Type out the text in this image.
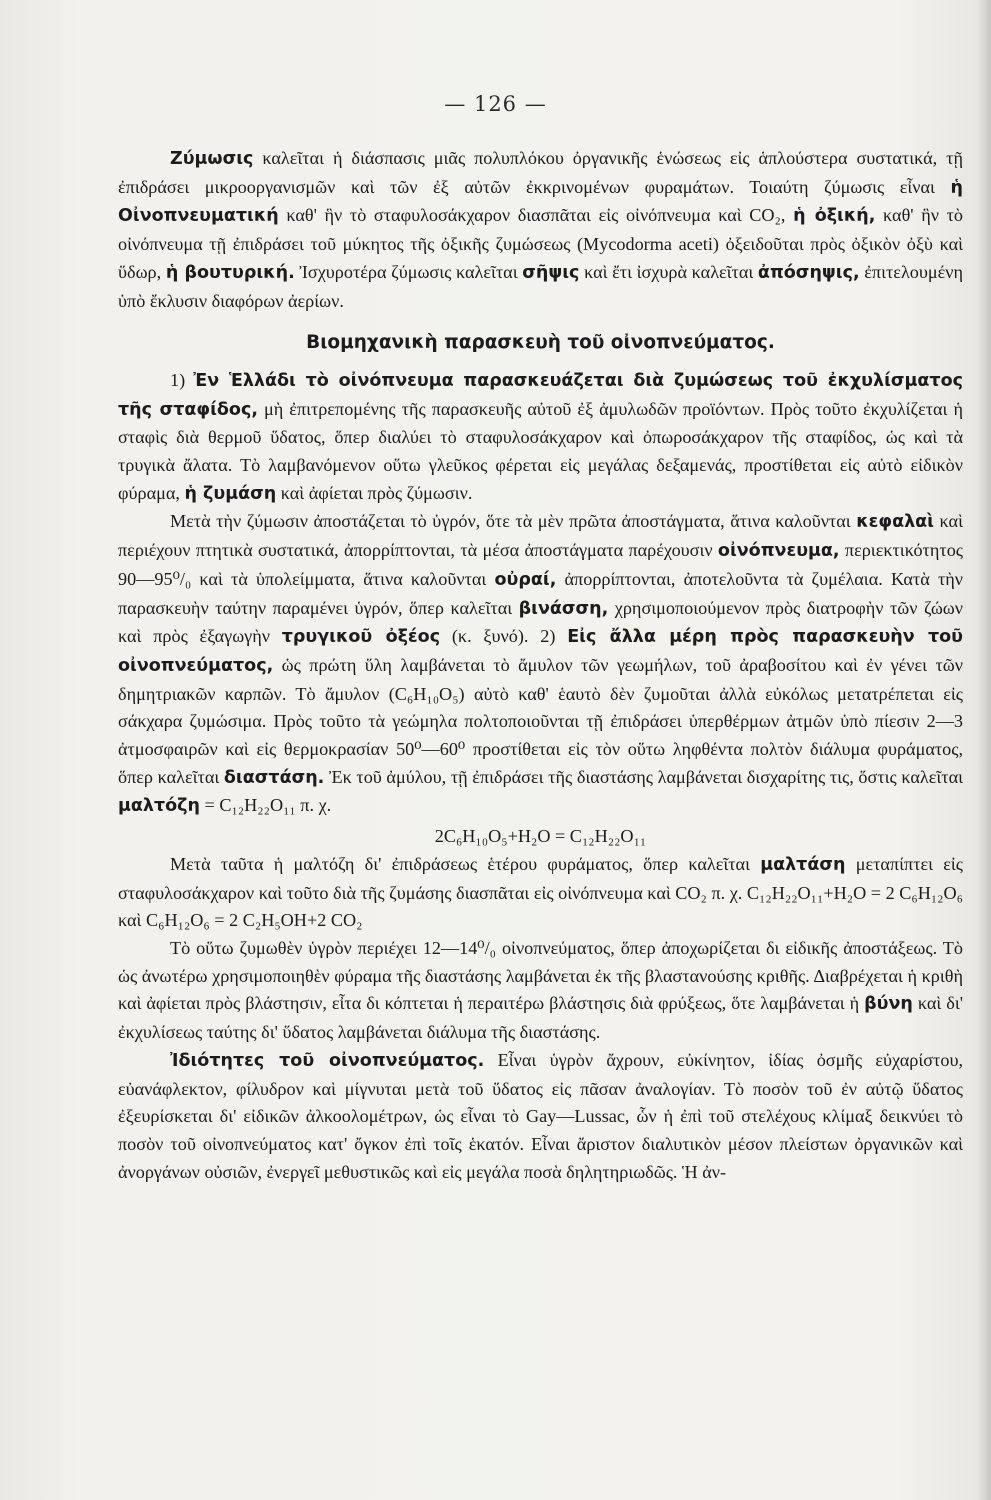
— 126 —

Ζύμωσις καλεῖται ἡ διάσπασις μιᾶς πολυπλόκου ὀργανικῆς ἑνώσεως εἰς ἁπλούστερα συστατικά, τῇ ἐπιδράσει μικροοργανισμῶν καὶ τῶν ἐξ αὐτῶν ἐκκρινομένων φυραμάτων. Τοιαύτη ζύμωσις εἶναι ἡ Οἰνοπνευματική καθ' ἣν τὸ σταφυλοσάκχαρον διασπᾶται εἰς οἰνόπνευμα καὶ CO₂, ἡ ὀξική, καθ' ἣν τὸ οἰνόπνευμα τῇ ἐπιδράσει τοῦ μύκητος τῆς ὀξικῆς ζυμώσεως (Mycodorma aceti) ὀξειδοῦται πρὸς ὀξικὸν ὀξὺ καὶ ὕδωρ, ἡ βουτυρική. Ἰσχυροτέρα ζύμωσις καλεῖται σῆψις καὶ ἔτι ἰσχυρὰ καλεῖται ἀπόσηψις, ἐπιτελουμένη ὑπὸ ἔκλυσιν διαφόρων ἀερίων.

Βιομηχανικὴ παρασκευὴ τοῦ οἰνοπνεύματος.

1) Ἐν Ἑλλάδι τὸ οἰνόπνευμα παρασκευάζεται διὰ ζυμώσεως τοῦ ἐκχυλίσματος τῆς σταφίδος, μὴ ἐπιτρεπομένης τῆς παρασκευῆς αὐτοῦ ἐξ ἀμυλωδῶν προϊόντων. Πρὸς τοῦτο ἐκχυλίζεται ἡ σταφὶς διὰ θερμοῦ ὕδατος, ὅπερ διαλύει τὸ σταφυλοσάκχαρον καὶ ὀπωροσάκχαρον τῆς σταφίδος, ὡς καὶ τὰ τρυγικὰ ἄλατα. Τὸ λαμβανόμενον οὕτω γλεῦκος φέρεται εἰς μεγάλας δεξαμενάς, προστίθεται εἰς αὐτὸ εἰδικὸν φύραμα, ἡ ζυμάση καὶ ἀφίεται πρὸς ζύμωσιν.

Μετὰ τὴν ζύμωσιν ἀποστάζεται τὸ ὑγρόν, ὅτε τὰ μὲν πρῶτα ἀποστάγματα, ἅτινα καλοῦνται κεφαλαὶ καὶ περιέχουν πτητικὰ συστατικά, ἀπορρίπτονται, τὰ μέσα ἀποστάγματα παρέχουσιν οἰνόπνευμα, περιεκτικότητος 90—95⁰/₀ καὶ τὰ ὑπολείμματα, ἅτινα καλοῦνται οὐραί, ἀπορρίπτονται, ἀποτελοῦντα τὰ ζυμέλαια. Κατὰ τὴν παρασκευὴν ταύτην παραμένει ὑγρόν, ὅπερ καλεῖται βινάσση, χρησιμοποιούμενον πρὸς διατροφὴν τῶν ζώων καὶ πρὸς ἐξαγωγὴν τρυγικοῦ ὀξέος (κ. ξυνό). 2) Εἰς ἄλλα μέρη πρὸς παρασκευὴν τοῦ οἰνοπνεύματος, ὡς πρώτη ὕλη λαμβάνεται τὸ ἄμυλον τῶν γεωμήλων, τοῦ ἀραβοσίτου καὶ ἐν γένει τῶν δημητριακῶν καρπῶν. Τὸ ἄμυλον (C₆H₁₀O₅) αὐτὸ καθ' ἑαυτὸ δὲν ζυμοῦται ἀλλὰ εὐκόλως μετατρέπεται εἰς σάκχαρα ζυμώσιμα. Πρὸς τοῦτο τὰ γεώμηλα πολτοποιοῦνται τῇ ἐπιδράσει ὑπερθέρμων ἀτμῶν ὑπὸ πίεσιν 2—3 ἀτμοσφαιρῶν καὶ εἰς θερμοκρασίαν 50⁰—60⁰ προστίθεται εἰς τὸν οὕτω ληφθέντα πολτὸν διάλυμα φυράματος, ὅπερ καλεῖται διαστάση. Ἐκ τοῦ ἀμύλου, τῇ ἐπιδράσει τῆς διαστάσης λαμβάνεται δισχαρίτης τις, ὅστις καλεῖται μαλτόζη = C₁₂H₂₂O₁₁ π. χ.

2C₆H₁₀O₅+H₂O = C₁₂H₂₂O₁₁

Μετὰ ταῦτα ἡ μαλτόζη δι' ἐπιδράσεως ἑτέρου φυράματος, ὅπερ καλεῖται μαλτάση μεταπίπτει εἰς σταφυλοσάκχαρον καὶ τοῦτο διὰ τῆς ζυμάσης διασπᾶται εἰς οἰνόπνευμα καὶ CO₂ π. χ. C₁₂H₂₂O₁₁+H₂O = 2 C₆H₁₂O₆ καὶ C₆H₁₂O₆ = 2 C₂H₅OH+2 CO₂

Τὸ οὕτω ζυμωθὲν ὑγρὸν περιέχει 12—14⁰/₀ οἰνοπνεύματος, ὅπερ ἀποχωρίζεται δι εἰδικῆς ἀποστάξεως. Τὸ ὡς ἀνωτέρω χρησιμοποιηθὲν φύραμα τῆς διαστάσης λαμβάνεται ἐκ τῆς βλαστανούσης κριθῆς. Διαβρέχεται ἡ κριθὴ καὶ ἀφίεται πρὸς βλάστησιν, εἶτα δι κόπτεται ἡ περαιτέρω βλάστησις διὰ φρύξεως, ὅτε λαμβάνεται ἡ βύνη καὶ δι' ἐκχυλίσεως ταύτης δι' ὕδατος λαμβάνεται διάλυμα τῆς διαστάσης.

Ἰδιότητες τοῦ οἰνοπνεύματος. Εἶναι ὑγρὸν ἄχρουν, εὐκίνητον, ἰδίας ὀσμῆς εὐχαρίστου, εὐανάφλεκτον, φίλυδρον καὶ μίγνυται μετὰ τοῦ ὕδατος εἰς πᾶσαν ἀναλογίαν. Τὸ ποσὸν τοῦ ἐν αὐτῷ ὕδατος ἐξευρίσκεται δι' εἰδικῶν ἀλκοολομέτρων, ὡς εἶναι τὸ Gay—Lussac, ὧν ἡ ἐπὶ τοῦ στελέχους κλίμαξ δεικνύει τὸ ποσὸν τοῦ οἰνοπνεύματος κατ' ὄγκον ἐπὶ τοῖς ἑκατόν. Εἶναι ἄριστον διαλυτικὸν μέσον πλείστων ὀργανικῶν καὶ ἀνοργάνων οὐσιῶν, ἐνεργεῖ μεθυστικῶς καὶ εἰς μεγάλα ποσὰ δηλητηριωδῶς. Ἡ ἀν-
